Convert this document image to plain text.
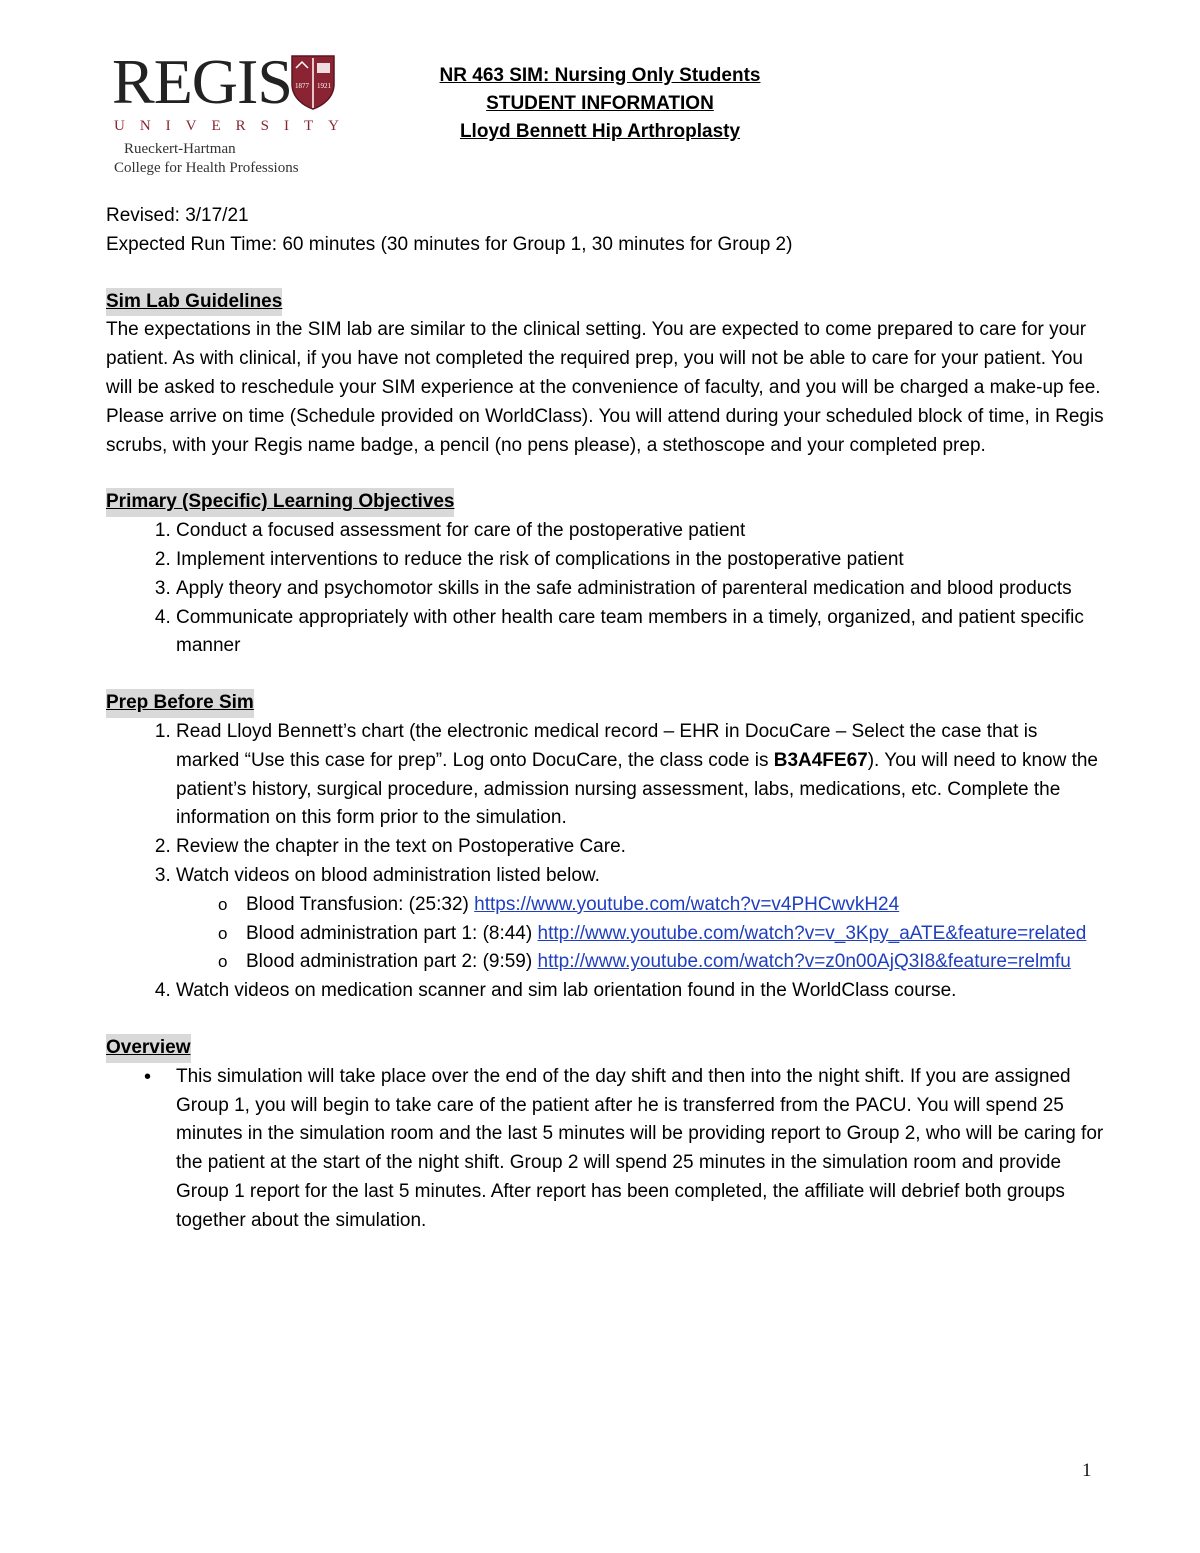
REGIS 1877 1921
UNIVERSITY
Rueckert-Hartman
College for Health Professions
NR 463 SIM: Nursing Only Students
STUDENT INFORMATION
Lloyd Bennett Hip Arthroplasty

Revised: 3/17/21

Expected Run Time: 60 minutes (30 minutes for Group 1, 30 minutes for Group 2)

Sim Lab Guidelines

The expectations in the SIM lab are similar to the clinical setting. You are expected to come prepared to care for your patient. As with clinical, if you have not completed the required prep, you will not be able to care for your patient. You will be asked to reschedule your SIM experience at the convenience of faculty, and you will be charged a make-up fee. Please arrive on time (Schedule provided on WorldClass). You will attend during your scheduled block of time, in Regis scrubs, with your Regis name badge, a pencil (no pens please), a stethoscope and your completed prep.

Primary (Specific) Learning Objectives

1. Conduct a focused assessment for care of the postoperative patient
2. Implement interventions to reduce the risk of complications in the postoperative patient
3. Apply theory and psychomotor skills in the safe administration of parenteral medication and blood products
4. Communicate appropriately with other health care team members in a timely, organized, and patient specific manner

Prep Before Sim

1. Read Lloyd Bennett’s chart (the electronic medical record – EHR in DocuCare – Select the case that is marked “Use this case for prep”. Log onto DocuCare, the class code is B3A4FE67). You will need to know the patient’s history, surgical procedure, admission nursing assessment, labs, medications, etc. Complete the information on this form prior to the simulation.
2. Review the chapter in the text on Postoperative Care.
3. Watch videos on blood administration listed below.
o Blood Transfusion: (25:32) https://www.youtube.com/watch?v=v4PHCwvkH24
o Blood administration part 1: (8:44) http://www.youtube.com/watch?v=v_3Kpy_aATE&feature=related
o Blood administration part 2: (9:59) http://www.youtube.com/watch?v=z0n00AjQ3I8&feature=relmfu
4. Watch videos on medication scanner and sim lab orientation found in the WorldClass course.

Overview

• This simulation will take place over the end of the day shift and then into the night shift. If you are assigned Group 1, you will begin to take care of the patient after he is transferred from the PACU. You will spend 25 minutes in the simulation room and the last 5 minutes will be providing report to Group 2, who will be caring for the patient at the start of the night shift. Group 2 will spend 25 minutes in the simulation room and provide Group 1 report for the last 5 minutes. After report has been completed, the affiliate will debrief both groups together about the simulation.
1
